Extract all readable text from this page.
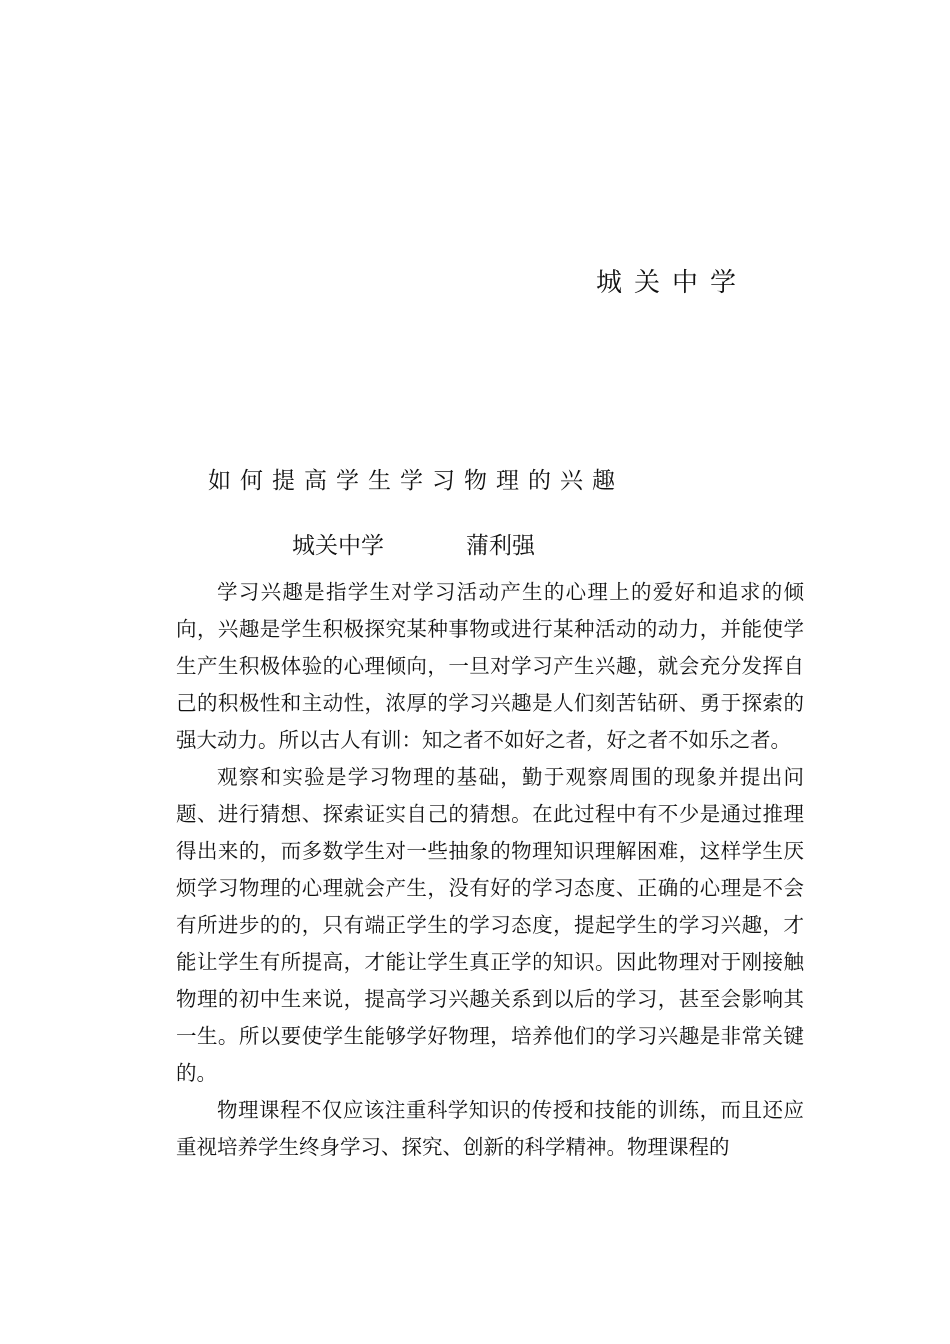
城关中学
如何提高学生学习物理的兴趣
城关中学	蒲利强

学习兴趣是指学生对学习活动产生的心理上的爱好和追求的倾向，兴趣是学生积极探究某种事物或进行某种活动的动力，并能使学生产生积极体验的心理倾向，一旦对学习产生兴趣，就会充分发挥自己的积极性和主动性，浓厚的学习兴趣是人们刻苦钻研、勇于探索的强大动力。所以古人有训：知之者不如好之者，好之者不如乐之者。

观察和实验是学习物理的基础，勤于观察周围的现象并提出问题、进行猜想、探索证实自己的猜想。在此过程中有不少是通过推理得出来的，而多数学生对一些抽象的物理知识理解困难，这样学生厌烦学习物理的心理就会产生，没有好的学习态度、正确的心理是不会有所进步的的，只有端正学生的学习态度，提起学生的学习兴趣，才能让学生有所提高，才能让学生真正学的知识。因此物理对于刚接触物理的初中生来说，提高学习兴趣关系到以后的学习，甚至会影响其一生。所以要使学生能够学好物理，培养他们的学习兴趣是非常关键的。

物理课程不仅应该注重科学知识的传授和技能的训练，而且还应重视培养学生终身学习、探究、创新的科学精神。物理课程的
